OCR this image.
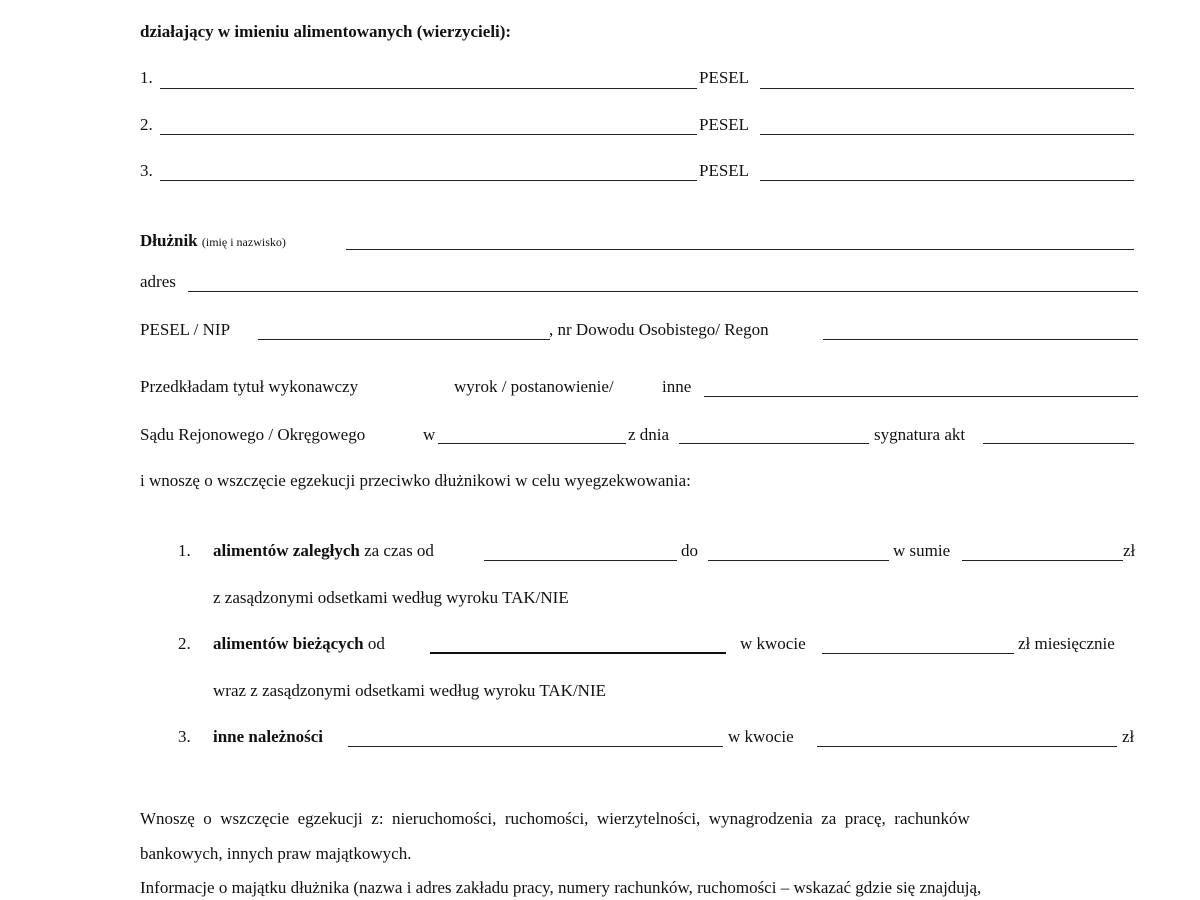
działający w imieniu alimentowanych (wierzycieli):
1.	PESEL
2.	PESEL
3.	PESEL
Dłużnik (imię i nazwisko)
adres
PESEL / NIP	, nr Dowodu Osobistego/ Regon
Przedkładam tytuł wykonawczy	wyrok / postanowienie/	inne
Sądu Rejonowego / Okręgowego	w	z dnia	sygnatura akt
i wnoszę o wszczęcie egzekucji przeciwko dłużnikowi w celu wyegzekwowania:
1. alimentów zaległych za czas od	do	w sumie	zł
z zasądzonymi odsetkami według wyroku TAK/NIE
2. alimentów bieżących od	w kwocie	zł miesięcznie
wraz z zasądzonymi odsetkami według wyroku TAK/NIE
3. inne należności	w kwocie	zł
Wnoszę  o  wszczęcie  egzekucji  z:  nieruchomości,  ruchomości,  wierzytelności,  wynagrodzenia  za  pracę,  rachunków
bankowych, innych praw majątkowych.
Informacje o majątku dłużnika (nazwa i adres zakładu pracy, numery rachunków, ruchomości – wskazać gdzie się znajdują,
